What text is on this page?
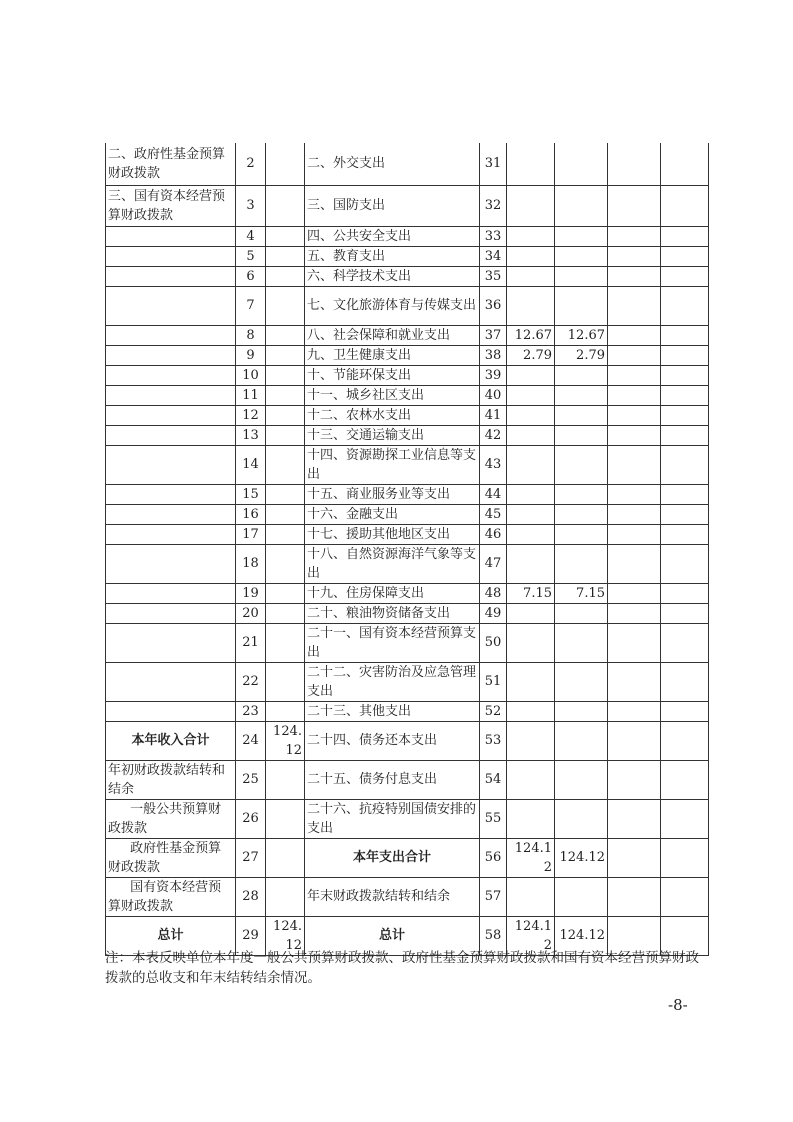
二、政府性基金预算财政拨款	2		二、外交支出	31				
三、国有资本经营预算财政拨款	3		三、国防支出	32				
	4		四、公共安全支出	33				
	5		五、教育支出	34				
	6		六、科学技术支出	35				
	7		七、文化旅游体育与传媒支出	36				
	8		八、社会保障和就业支出	37	12.67	12.67		
	9		九、卫生健康支出	38	2.79	2.79		
	10		十、节能环保支出	39				
	11		十一、城乡社区支出	40				
	12		十二、农林水支出	41				
	13		十三、交通运输支出	42				
	14		十四、资源勘探工业信息等支出	43				
	15		十五、商业服务业等支出	44				
	16		十六、金融支出	45				
	17		十七、援助其他地区支出	46				
	18		十八、自然资源海洋气象等支出	47				
	19		十九、住房保障支出	48	7.15	7.15		
	20		二十、粮油物资储备支出	49				
	21		二十一、国有资本经营预算支出	50				
	22		二十二、灾害防治及应急管理支出	51				
	23		二十三、其他支出	52				
本年收入合计	24	124.12	二十四、债务还本支出	53				
年初财政拨款结转和结余	25		二十五、债务付息支出	54				
一般公共预算财政拨款	26		二十六、抗疫特别国债安排的支出	55				
政府性基金预算财政拨款	27		本年支出合计	56	124.12	124.12		
国有资本经营预算财政拨款	28		年末财政拨款结转和结余	57				
总计	29	124.12	总计	58	124.12	124.12		
注：本表反映单位本年度一般公共预算财政拨款、政府性基金预算财政拨款和国有资本经营预算财政拨款的总收支和年末结转结余情况。
-8-
